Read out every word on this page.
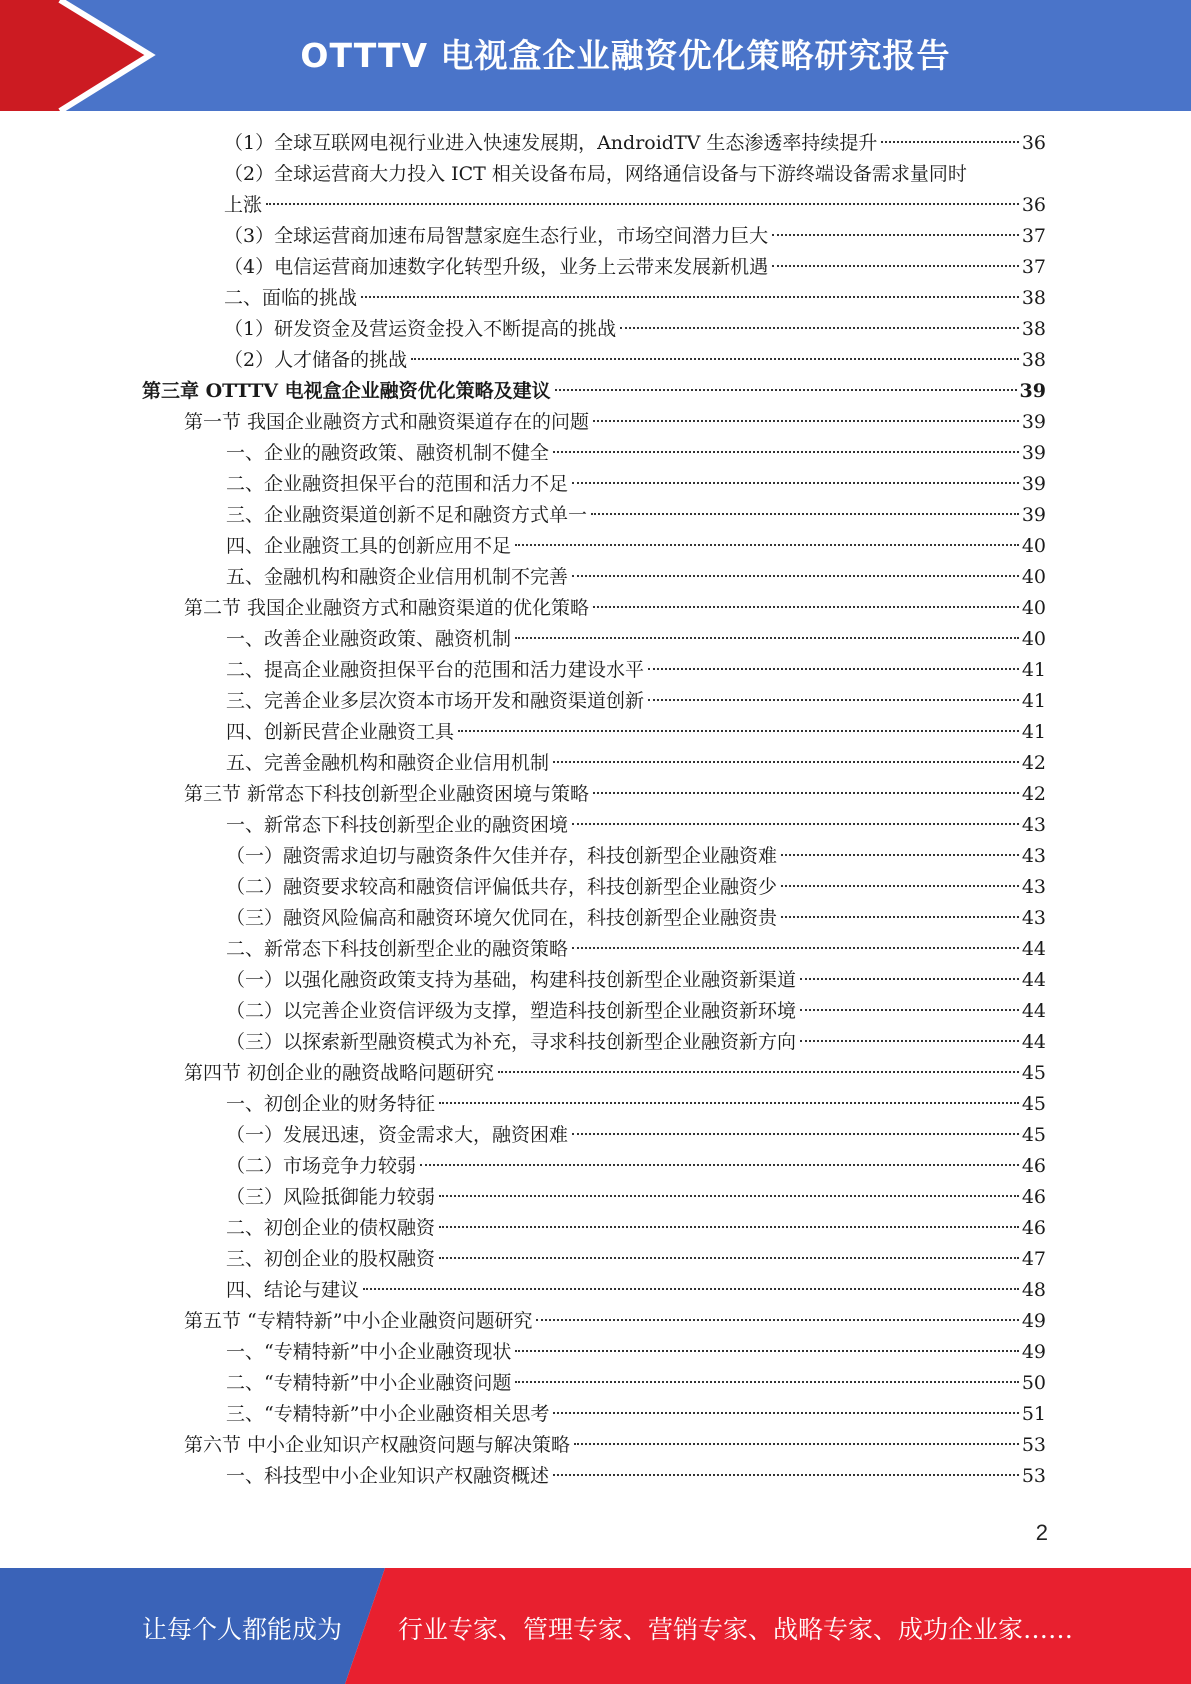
OTTTV 电视盒企业融资优化策略研究报告
（1）全球互联网电视行业进入快速发展期，AndroidTV 生态渗透率持续提升	36
（2）全球运营商大力投入 ICT 相关设备布局，网络通信设备与下游终端设备需求量同时
上涨	36
（3）全球运营商加速布局智慧家庭生态行业，市场空间潜力巨大	37
（4）电信运营商加速数字化转型升级，业务上云带来发展新机遇	37
二、面临的挑战	38
（1）研发资金及营运资金投入不断提高的挑战	38
（2）人才储备的挑战	38
第三章 OTTTV 电视盒企业融资优化策略及建议	39
第一节 我国企业融资方式和融资渠道存在的问题	39
一、企业的融资政策、融资机制不健全	39
二、企业融资担保平台的范围和活力不足	39
三、企业融资渠道创新不足和融资方式单一	39
四、企业融资工具的创新应用不足	40
五、金融机构和融资企业信用机制不完善	40
第二节 我国企业融资方式和融资渠道的优化策略	40
一、改善企业融资政策、融资机制	40
二、提高企业融资担保平台的范围和活力建设水平	41
三、完善企业多层次资本市场开发和融资渠道创新	41
四、创新民营企业融资工具	41
五、完善金融机构和融资企业信用机制	42
第三节 新常态下科技创新型企业融资困境与策略	42
一、新常态下科技创新型企业的融资困境	43
（一）融资需求迫切与融资条件欠佳并存，科技创新型企业融资难	43
（二）融资要求较高和融资信评偏低共存，科技创新型企业融资少	43
（三）融资风险偏高和融资环境欠优同在，科技创新型企业融资贵	43
二、新常态下科技创新型企业的融资策略	44
（一）以强化融资政策支持为基础，构建科技创新型企业融资新渠道	44
（二）以完善企业资信评级为支撑，塑造科技创新型企业融资新环境	44
（三）以探索新型融资模式为补充，寻求科技创新型企业融资新方向	44
第四节 初创企业的融资战略问题研究	45
一、初创企业的财务特征	45
（一）发展迅速，资金需求大，融资困难	45
（二）市场竞争力较弱	46
（三）风险抵御能力较弱	46
二、初创企业的债权融资	46
三、初创企业的股权融资	47
四、结论与建议	48
第五节 “专精特新”中小企业融资问题研究	49
一、“专精特新”中小企业融资现状	49
二、“专精特新”中小企业融资问题	50
三、“专精特新”中小企业融资相关思考	51
第六节 中小企业知识产权融资问题与解决策略	53
一、科技型中小企业知识产权融资概述	53
2
让每个人都能成为 行业专家、管理专家、营销专家、战略专家、成功企业家……
